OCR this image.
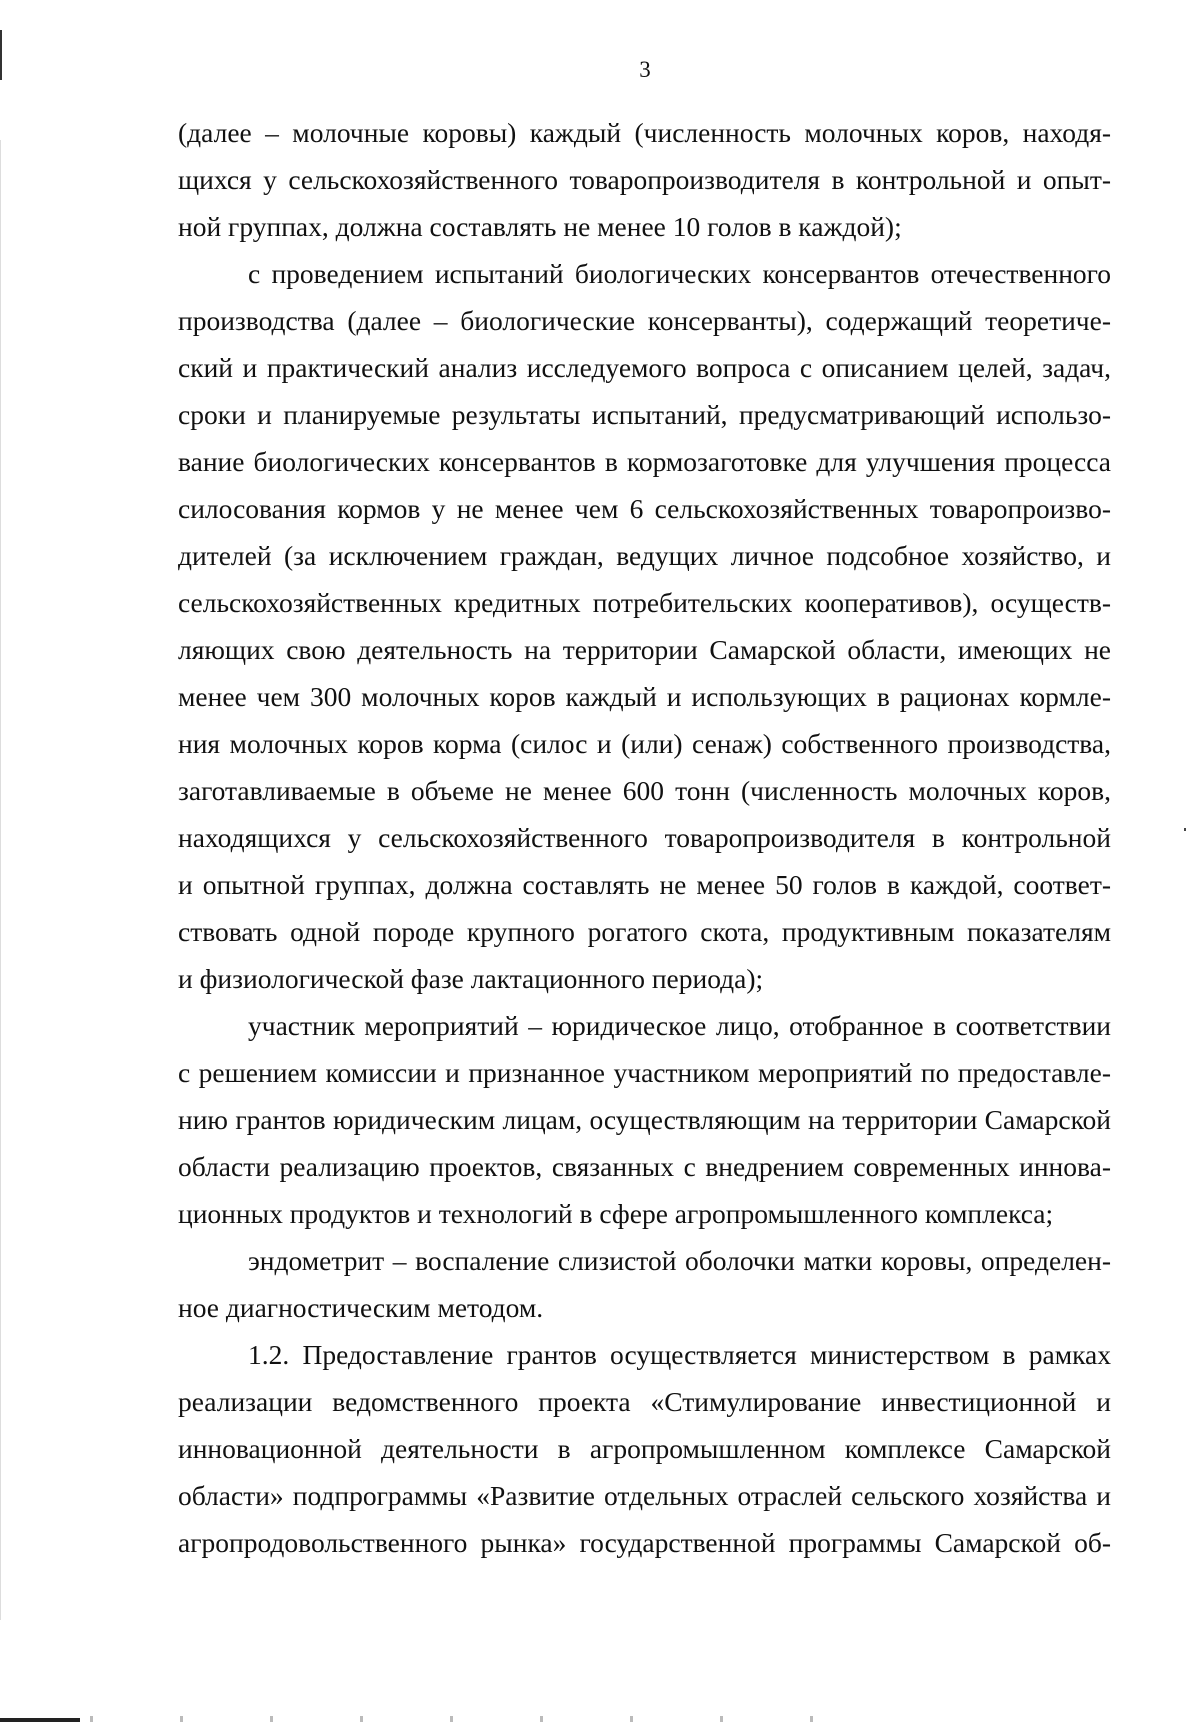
3
(далее – молочные коровы) каждый (численность молочных коров, находя-
щихся у сельскохозяйственного товаропроизводителя в контрольной и опыт-
ной группах, должна составлять не менее 10 голов в каждой);
с проведением испытаний биологических консервантов отечественного
производства (далее – биологические консерванты), содержащий теоретиче-
ский и практический анализ исследуемого вопроса с описанием целей, задач,
сроки и планируемые результаты испытаний, предусматривающий использо-
вание биологических консервантов в кормозаготовке для улучшения процесса
силосования кормов у не менее чем 6 сельскохозяйственных товаропроизво-
дителей (за исключением граждан, ведущих личное подсобное хозяйство, и
сельскохозяйственных кредитных потребительских кооперативов), осуществ-
ляющих свою деятельность на территории Самарской области, имеющих не
менее чем 300 молочных коров каждый и использующих в рационах кормле-
ния молочных коров корма (силос и (или) сенаж) собственного производства,
заготавливаемые в объеме не менее 600 тонн (численность молочных коров,
находящихся у сельскохозяйственного товаропроизводителя в контрольной
и опытной группах, должна составлять не менее 50 голов в каждой, соответ-
ствовать одной породе крупного рогатого скота, продуктивным показателям
и физиологической фазе лактационного периода);
участник мероприятий – юридическое лицо, отобранное в соответствии
с решением комиссии и признанное участником мероприятий по предоставле-
нию грантов юридическим лицам, осуществляющим на территории Самарской
области реализацию проектов, связанных с внедрением современных иннова-
ционных продуктов и технологий в сфере агропромышленного комплекса;
эндометрит – воспаление слизистой оболочки матки коровы, определен-
ное диагностическим методом.
1.2. Предоставление грантов осуществляется министерством в рамках
реализации ведомственного проекта «Стимулирование инвестиционной и
инновационной деятельности в агропромышленном комплексе Самарской
области» подпрограммы «Развитие отдельных отраслей сельского хозяйства и
агропродовольственного рынка» государственной программы Самарской об-
